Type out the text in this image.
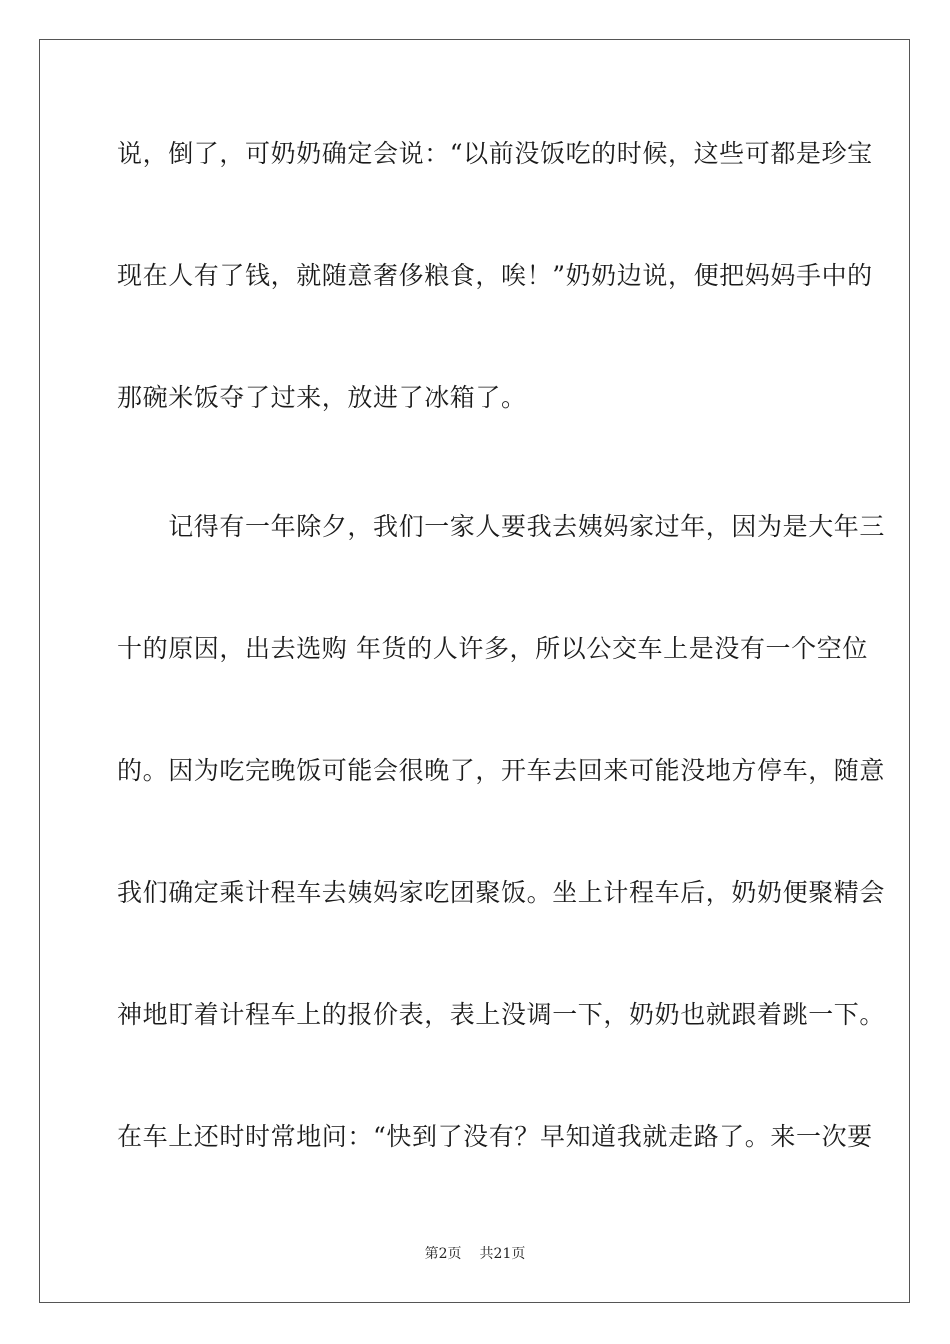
说，倒了，可奶奶确定会说：“以前没饭吃的时候，这些可都是珍宝
现在人有了钱，就随意奢侈粮食，唉！”奶奶边说，便把妈妈手中的
那碗米饭夺了过来，放进了冰箱了。
　　记得有一年除夕，我们一家人要我去姨妈家过年，因为是大年三
十的原因，出去选购 年货的人许多，所以公交车上是没有一个空位
的。因为吃完晚饭可能会很晚了，开车去回来可能没地方停车，随意
我们确定乘计程车去姨妈家吃团聚饭。坐上计程车后，奶奶便聚精会
神地盯着计程车上的报价表，表上没调一下，奶奶也就跟着跳一下。
在车上还时时常地问：“快到了没有？早知道我就走路了。来一次要
第2页 共21页
